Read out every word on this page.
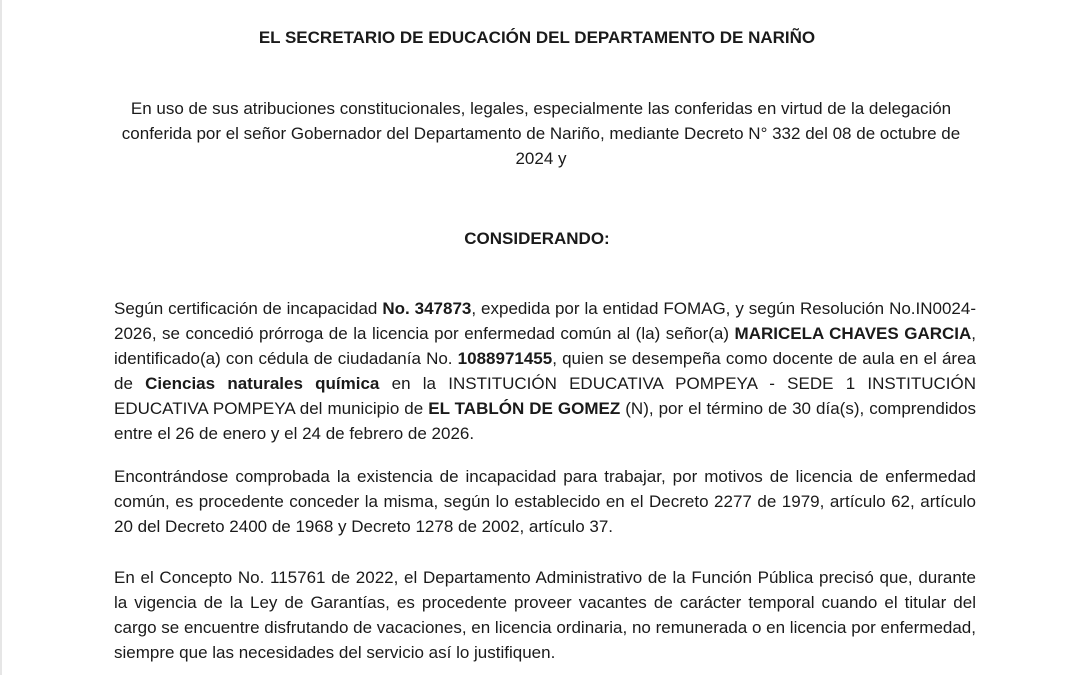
EL SECRETARIO DE EDUCACIÓN DEL DEPARTAMENTO DE NARIÑO
En uso de sus atribuciones constitucionales, legales, especialmente las conferidas en virtud de la delegación conferida por el señor Gobernador del Departamento de Nariño, mediante Decreto N° 332 del 08 de octubre de 2024 y
CONSIDERANDO:
Según certificación de incapacidad No. 347873, expedida por la entidad FOMAG, y según Resolución No.IN0024-2026, se concedió prórroga de la licencia por enfermedad común al (la) señor(a) MARICELA CHAVES GARCIA, identificado(a) con cédula de ciudadanía No. 1088971455, quien se desempeña como docente de aula en el área de Ciencias naturales química en la INSTITUCIÓN EDUCATIVA POMPEYA - SEDE 1 INSTITUCIÓN EDUCATIVA POMPEYA del municipio de EL TABLÓN DE GOMEZ (N), por el término de 30 día(s), comprendidos entre el 26 de enero y el 24 de febrero de 2026.
Encontrándose comprobada la existencia de incapacidad para trabajar, por motivos de licencia de enfermedad común, es procedente conceder la misma, según lo establecido en el Decreto 2277 de 1979, artículo 62, artículo 20 del Decreto 2400 de 1968 y Decreto 1278 de 2002, artículo 37.
En el Concepto No. 115761 de 2022, el Departamento Administrativo de la Función Pública precisó que, durante la vigencia de la Ley de Garantías, es procedente proveer vacantes de carácter temporal cuando el titular del cargo se encuentre disfrutando de vacaciones, en licencia ordinaria, no remunerada o en licencia por enfermedad, siempre que las necesidades del servicio así lo justifiquen.
